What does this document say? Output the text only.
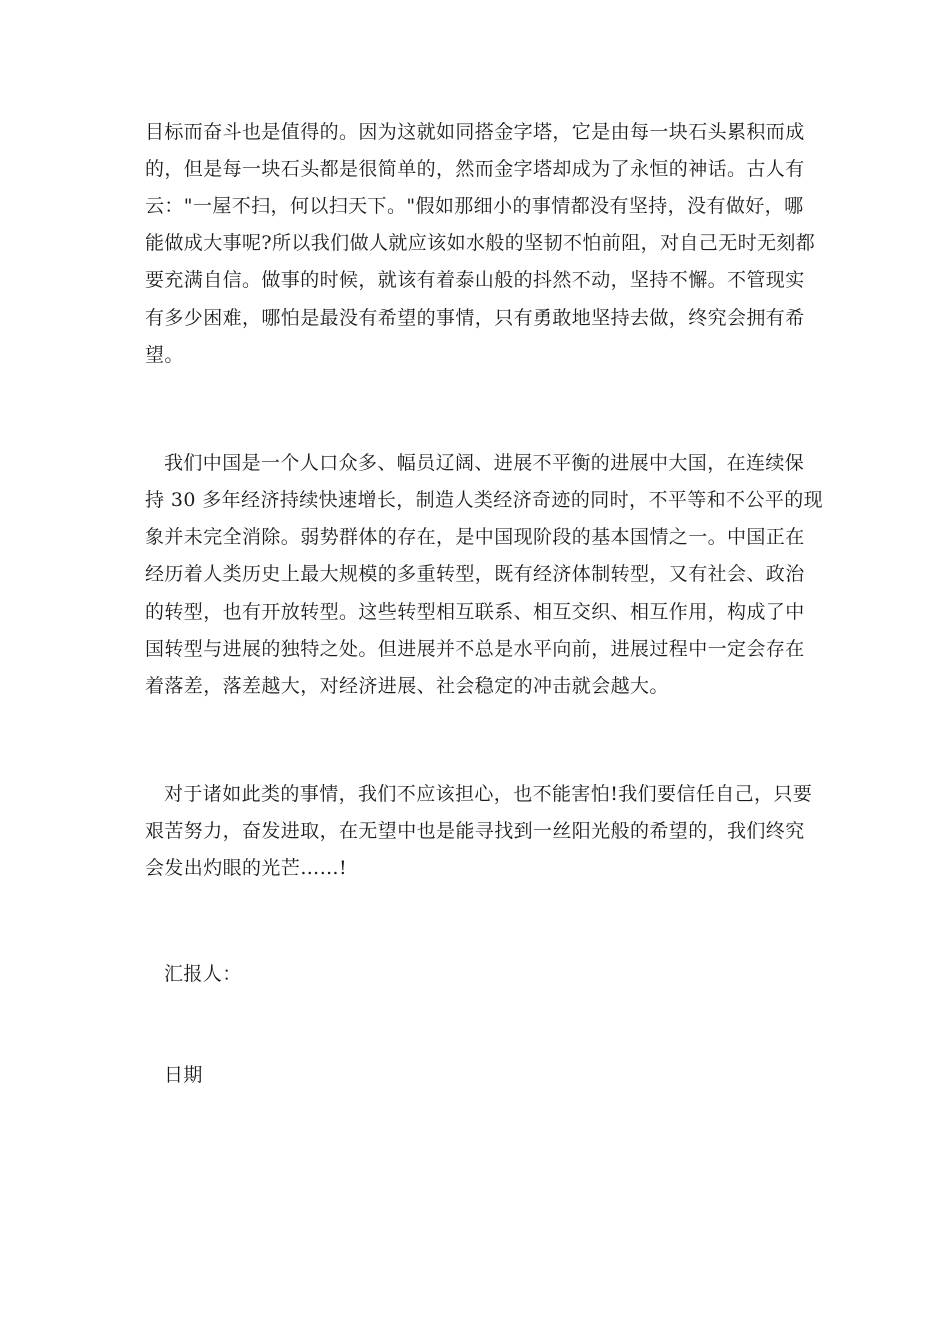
目标而奋斗也是值得的。因为这就如同搭金字塔，它是由每一块石头累积而成
的，但是每一块石头都是很简单的，然而金字塔却成为了永恒的神话。古人有
云："一屋不扫，何以扫天下。"假如那细小的事情都没有坚持，没有做好，哪
能做成大事呢?所以我们做人就应该如水般的坚韧不怕前阻，对自己无时无刻都
要充满自信。做事的时候，就该有着泰山般的抖然不动，坚持不懈。不管现实
有多少困难，哪怕是最没有希望的事情，只有勇敢地坚持去做，终究会拥有希
望。
我们中国是一个人口众多、幅员辽阔、进展不平衡的进展中大国，在连续保
持 30 多年经济持续快速增长，制造人类经济奇迹的同时，不平等和不公平的现
象并未完全消除。弱势群体的存在，是中国现阶段的基本国情之一。中国正在
经历着人类历史上最大规模的多重转型，既有经济体制转型，又有社会、政治
的转型，也有开放转型。这些转型相互联系、相互交织、相互作用，构成了中
国转型与进展的独特之处。但进展并不总是水平向前，进展过程中一定会存在
着落差，落差越大，对经济进展、社会稳定的冲击就会越大。
对于诸如此类的事情，我们不应该担心，也不能害怕!我们要信任自己，只要
艰苦努力，奋发进取，在无望中也是能寻找到一丝阳光般的希望的，我们终究
会发出灼眼的光芒……!
汇报人：
日期
